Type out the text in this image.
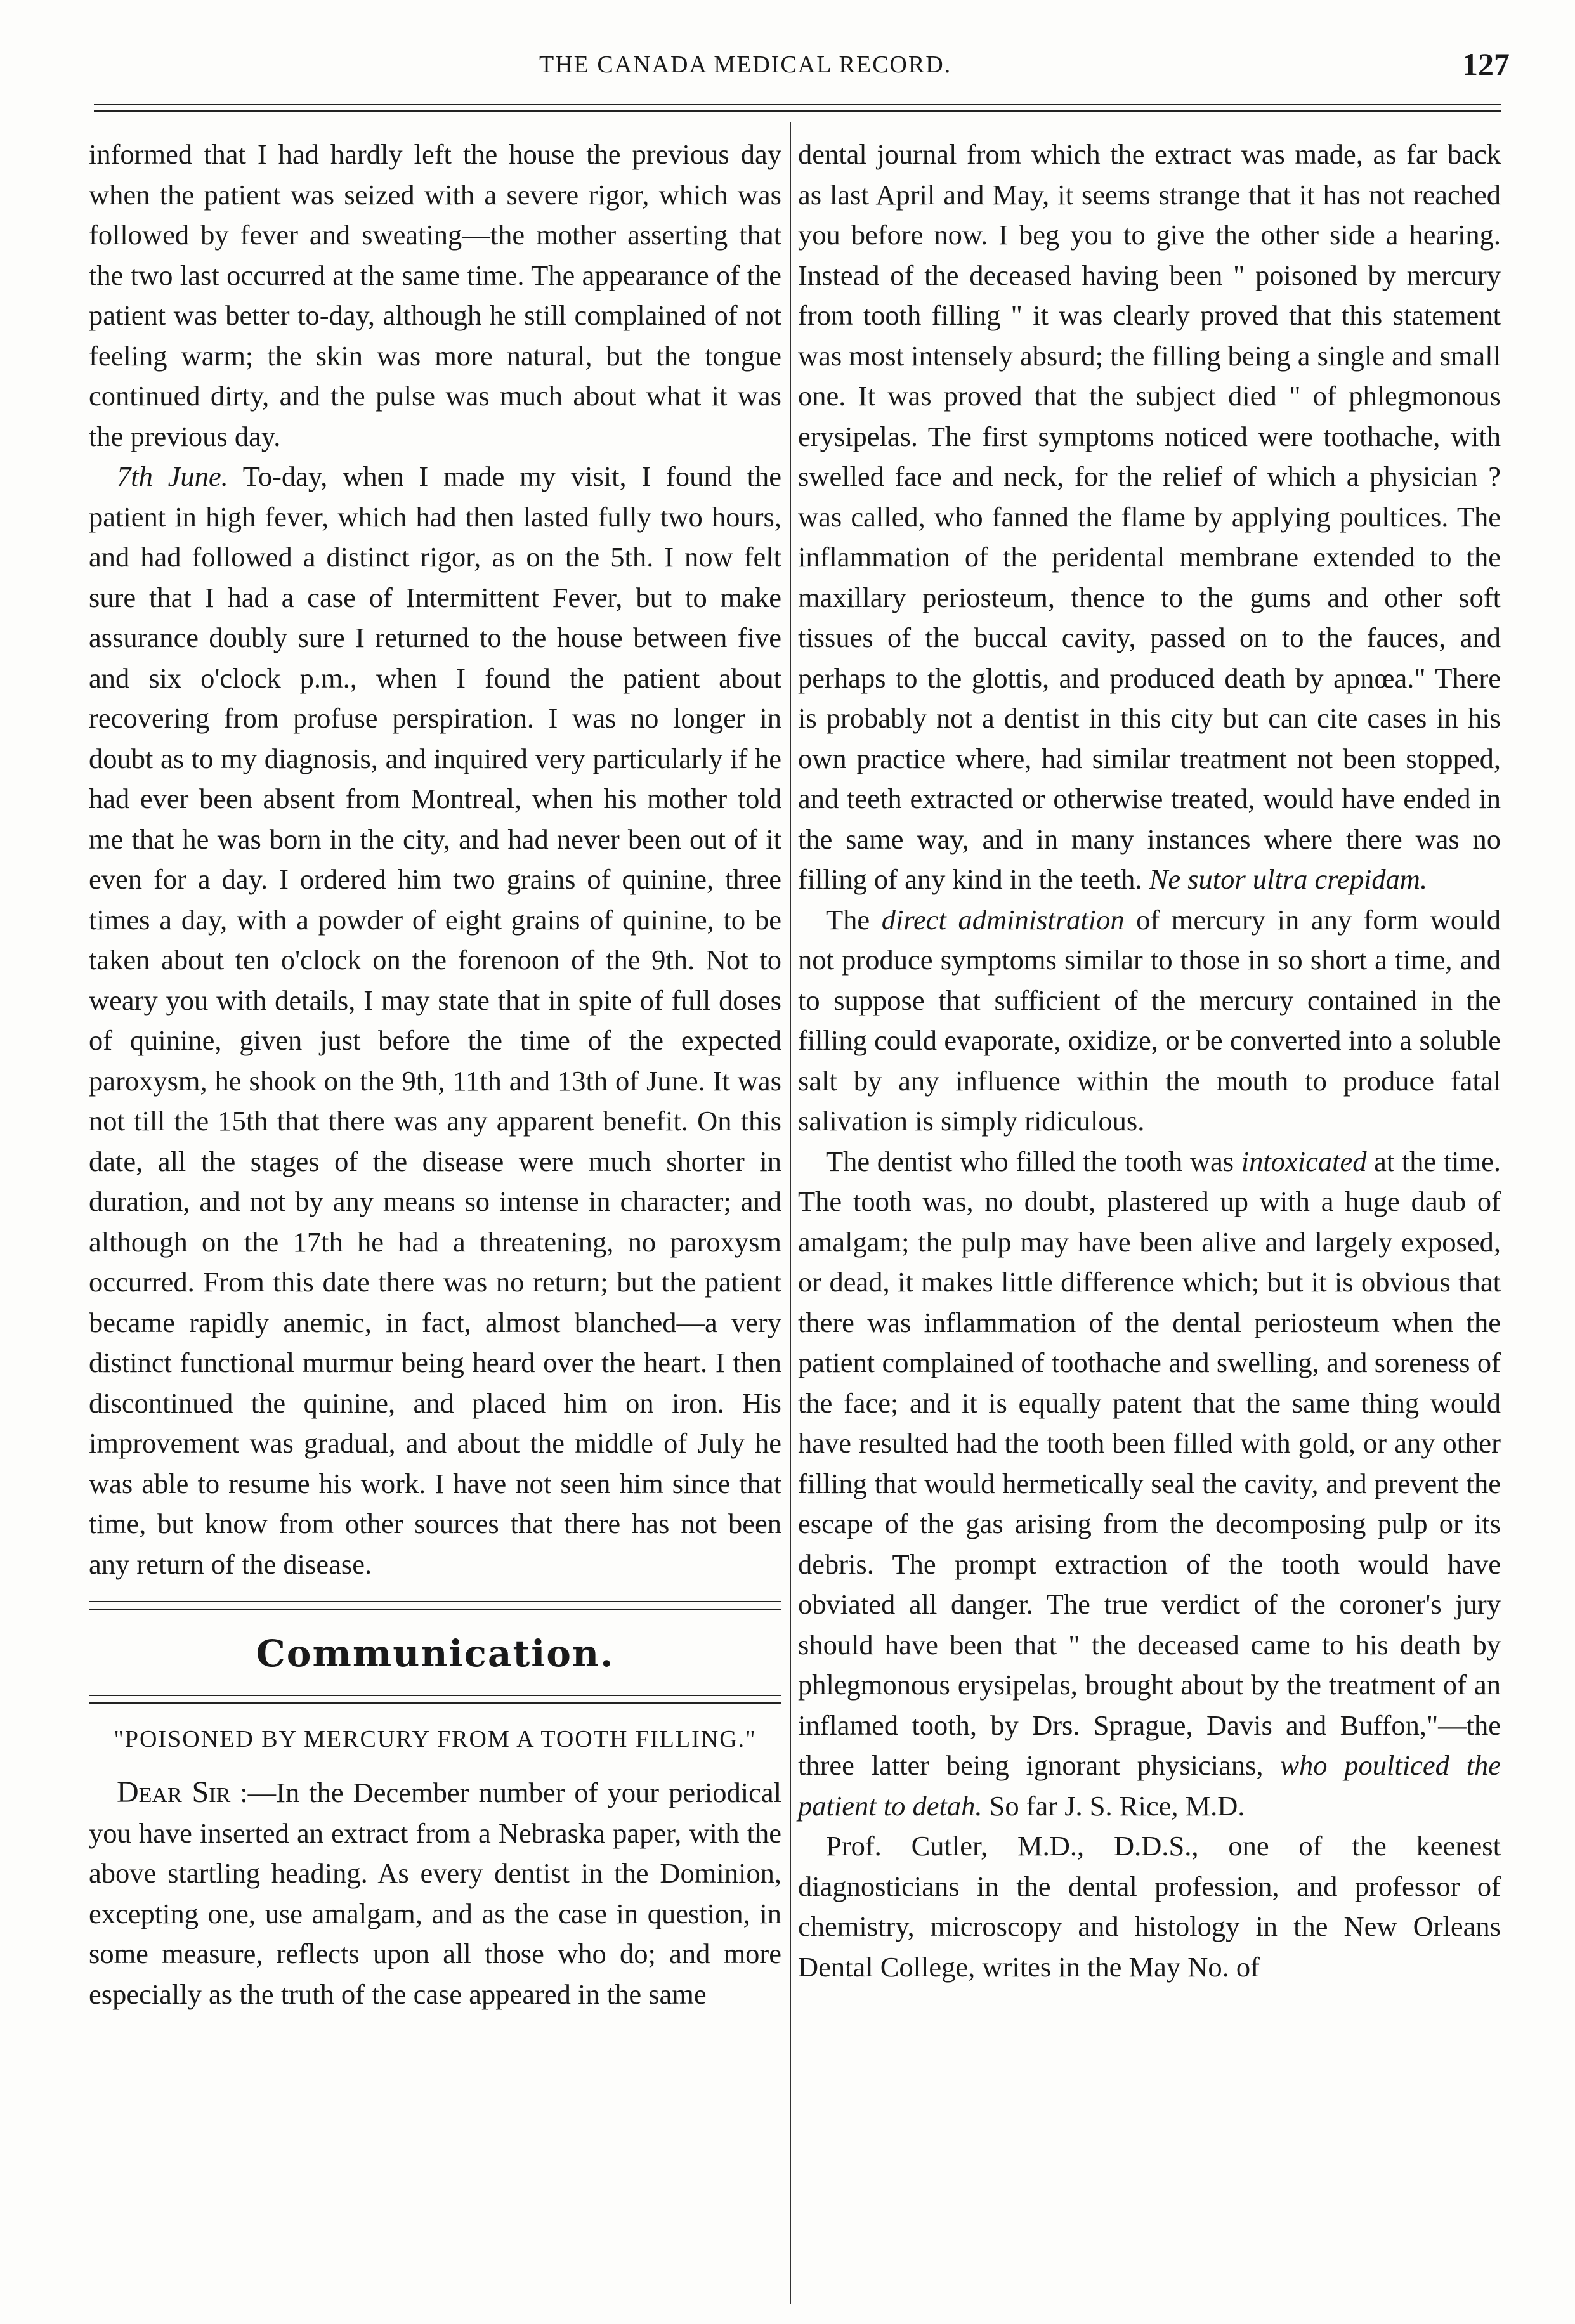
THE CANADA MEDICAL RECORD.	127

informed that I had hardly left the house the previous day when the patient was seized with a severe rigor, which was followed by fever and sweating—the mother asserting that the two last occurred at the same time. The appearance of the patient was better to-day, although he still complained of not feeling warm; the skin was more natural, but the tongue continued dirty, and the pulse was much about what it was the previous day.

7th June. To-day, when I made my visit, I found the patient in high fever, which had then lasted fully two hours, and had followed a distinct rigor, as on the 5th. I now felt sure that I had a case of Intermittent Fever, but to make assurance doubly sure I returned to the house between five and six o'clock p.m., when I found the patient about recovering from profuse perspiration. I was no longer in doubt as to my diagnosis, and inquired very particularly if he had ever been absent from Montreal, when his mother told me that he was born in the city, and had never been out of it even for a day. I ordered him two grains of quinine, three times a day, with a powder of eight grains of quinine, to be taken about ten o'clock on the forenoon of the 9th. Not to weary you with details, I may state that in spite of full doses of quinine, given just before the time of the expected paroxysm, he shook on the 9th, 11th and 13th of June. It was not till the 15th that there was any apparent benefit. On this date, all the stages of the disease were much shorter in duration, and not by any means so intense in character; and although on the 17th he had a threatening, no paroxysm occurred. From this date there was no return; but the patient became rapidly anemic, in fact, almost blanched—a very distinct functional murmur being heard over the heart. I then discontinued the quinine, and placed him on iron. His improvement was gradual, and about the middle of July he was able to resume his work. I have not seen him since that time, but know from other sources that there has not been any return of the disease.

Communication.
"POISONED BY MERCURY FROM A TOOTH FILLING."

Dear Sir :—In the December number of your periodical you have inserted an extract from a Nebraska paper, with the above startling heading. As every dentist in the Dominion, excepting one, use amalgam, and as the case in question, in some measure, reflects upon all those who do; and more especially as the truth of the case appeared in the same

dental journal from which the extract was made, as far back as last April and May, it seems strange that it has not reached you before now. I beg you to give the other side a hearing. Instead of the deceased having been " poisoned by mercury from tooth filling " it was clearly proved that this statement was most intensely absurd; the filling being a single and small one. It was proved that the subject died " of phlegmonous erysipelas. The first symptoms noticed were toothache, with swelled face and neck, for the relief of which a physician ? was called, who fanned the flame by applying poultices. The inflammation of the peridental membrane extended to the maxillary periosteum, thence to the gums and other soft tissues of the buccal cavity, passed on to the fauces, and perhaps to the glottis, and produced death by apnœa." There is probably not a dentist in this city but can cite cases in his own practice where, had similar treatment not been stopped, and teeth extracted or otherwise treated, would have ended in the same way, and in many instances where there was no filling of any kind in the teeth. Ne sutor ultra crepidam.

The direct administration of mercury in any form would not produce symptoms similar to those in so short a time, and to suppose that sufficient of the mercury contained in the filling could evaporate, oxidize, or be converted into a soluble salt by any influence within the mouth to produce fatal salivation is simply ridiculous.

The dentist who filled the tooth was intoxicated at the time. The tooth was, no doubt, plastered up with a huge daub of amalgam; the pulp may have been alive and largely exposed, or dead, it makes little difference which; but it is obvious that there was inflammation of the dental periosteum when the patient complained of toothache and swelling, and soreness of the face; and it is equally patent that the same thing would have resulted had the tooth been filled with gold, or any other filling that would hermetically seal the cavity, and prevent the escape of the gas arising from the decomposing pulp or its debris. The prompt extraction of the tooth would have obviated all danger. The true verdict of the coroner's jury should have been that " the deceased came to his death by phlegmonous erysipelas, brought about by the treatment of an inflamed tooth, by Drs. Sprague, Davis and Buffon,"—the three latter being ignorant physicians, who poulticed the patient to detah. So far J. S. Rice, M.D.

Prof. Cutler, M.D., D.D.S., one of the keenest diagnosticians in the dental profession, and professor of chemistry, microscopy and histology in the New Orleans Dental College, writes in the May No. of
